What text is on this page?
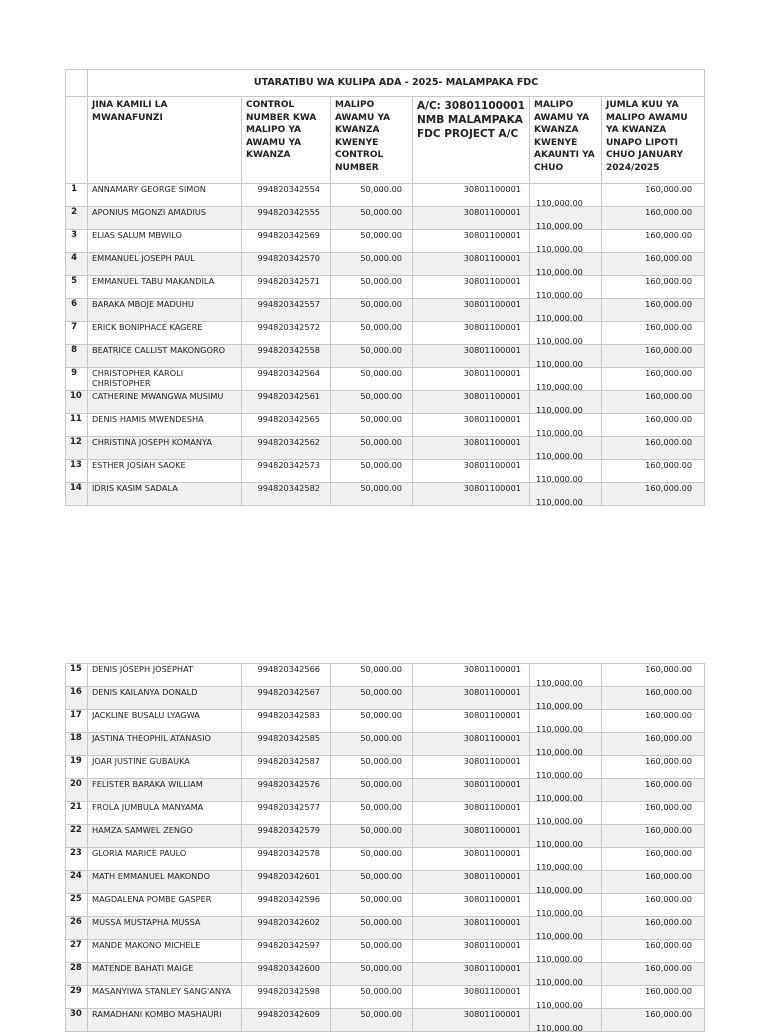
	UTARATIBU WA KULIPA ADA - 2025- MALAMPAKA FDC					
	JINA KAMILI LA MWANAFUNZI	CONTROL NUMBER KWA MALIPO YA AWAMU YA KWANZA	MALIPO AWAMU YA KWANZA KWENYE CONTROL NUMBER	A/C: 30801100001 NMB MALAMPAKA FDC PROJECT A/C	MALIPO AWAMU YA KWANZA KWENYE AKAUNTI YA CHUO	JUMLA KUU YA MALIPO AWAMU YA KWANZA UNAPO LIPOTI CHUO JANUARY 2024/2025
1	ANNAMARY GEORGE SIMON	994820342554	50,000.00	30801100001	110,000.00	160,000.00
2	APONIUS MGONZI AMADIUS	994820342555	50,000.00	30801100001	110,000.00	160,000.00
3	ELIAS SALUM MBWILO	994820342569	50,000.00	30801100001	110,000.00	160,000.00
4	EMMANUEL JOSEPH PAUL	994820342570	50,000.00	30801100001	110,000.00	160,000.00
5	EMMANUEL TABU MAKANDILA	994820342571	50,000.00	30801100001	110,000.00	160,000.00
6	BARAKA MBOJE MADUHU	994820342557	50,000.00	30801100001	110,000.00	160,000.00
7	ERICK BONIPHACE KAGERE	994820342572	50,000.00	30801100001	110,000.00	160,000.00
8	BEATRICE CALLIST MAKONGORO	994820342558	50,000.00	30801100001	110,000.00	160,000.00
9	CHRISTOPHER KAROLI CHRISTOPHER	994820342564	50,000.00	30801100001	110,000.00	160,000.00
10	CATHERINE MWANGWA MUSIMU	994820342561	50,000.00	30801100001	110,000.00	160,000.00
11	DENIS HAMIS MWENDESHA	994820342565	50,000.00	30801100001	110,000.00	160,000.00
12	CHRISTINA JOSEPH KOMANYA	994820342562	50,000.00	30801100001	110,000.00	160,000.00
13	ESTHER JOSIAH SAOKE	994820342573	50,000.00	30801100001	110,000.00	160,000.00
14	IDRIS KASIM SADALA	994820342582	50,000.00	30801100001	110,000.00	160,000.00
15	DENIS JOSEPH JOSEPHAT	994820342566	50,000.00	30801100001	110,000.00	160,000.00
16	DENIS KAILANYA DONALD	994820342567	50,000.00	30801100001	110,000.00	160,000.00
17	JACKLINE BUSALU LYAGWA	994820342583	50,000.00	30801100001	110,000.00	160,000.00
18	JASTINA THEOPHIL ATANASIO	994820342585	50,000.00	30801100001	110,000.00	160,000.00
19	JOAR JUSTINE GUBAUKA	994820342587	50,000.00	30801100001	110,000.00	160,000.00
20	FELISTER BARAKA WILLIAM	994820342576	50,000.00	30801100001	110,000.00	160,000.00
21	FROLA JUMBULA MANYAMA	994820342577	50,000.00	30801100001	110,000.00	160,000.00
22	HAMZA SAMWEL ZENGO	994820342579	50,000.00	30801100001	110,000.00	160,000.00
23	GLORIA MARICE PAULO	994820342578	50,000.00	30801100001	110,000.00	160,000.00
24	MATH EMMANUEL MAKONDO	994820342601	50,000.00	30801100001	110,000.00	160,000.00
25	MAGDALENA POMBE GASPER	994820342596	50,000.00	30801100001	110,000.00	160,000.00
26	MUSSA MUSTAPHA MUSSA	994820342602	50,000.00	30801100001	110,000.00	160,000.00
27	MANDE MAKONO MICHELE	994820342597	50,000.00	30801100001	110,000.00	160,000.00
28	MATENDE BAHATI MAIGE	994820342600	50,000.00	30801100001	110,000.00	160,000.00
29	MASANYIWA STANLEY SANG'ANYA	994820342598	50,000.00	30801100001	110,000.00	160,000.00
30	RAMADHANI KOMBO MASHAURI	994820342609	50,000.00	30801100001	110,000.00	160,000.00
